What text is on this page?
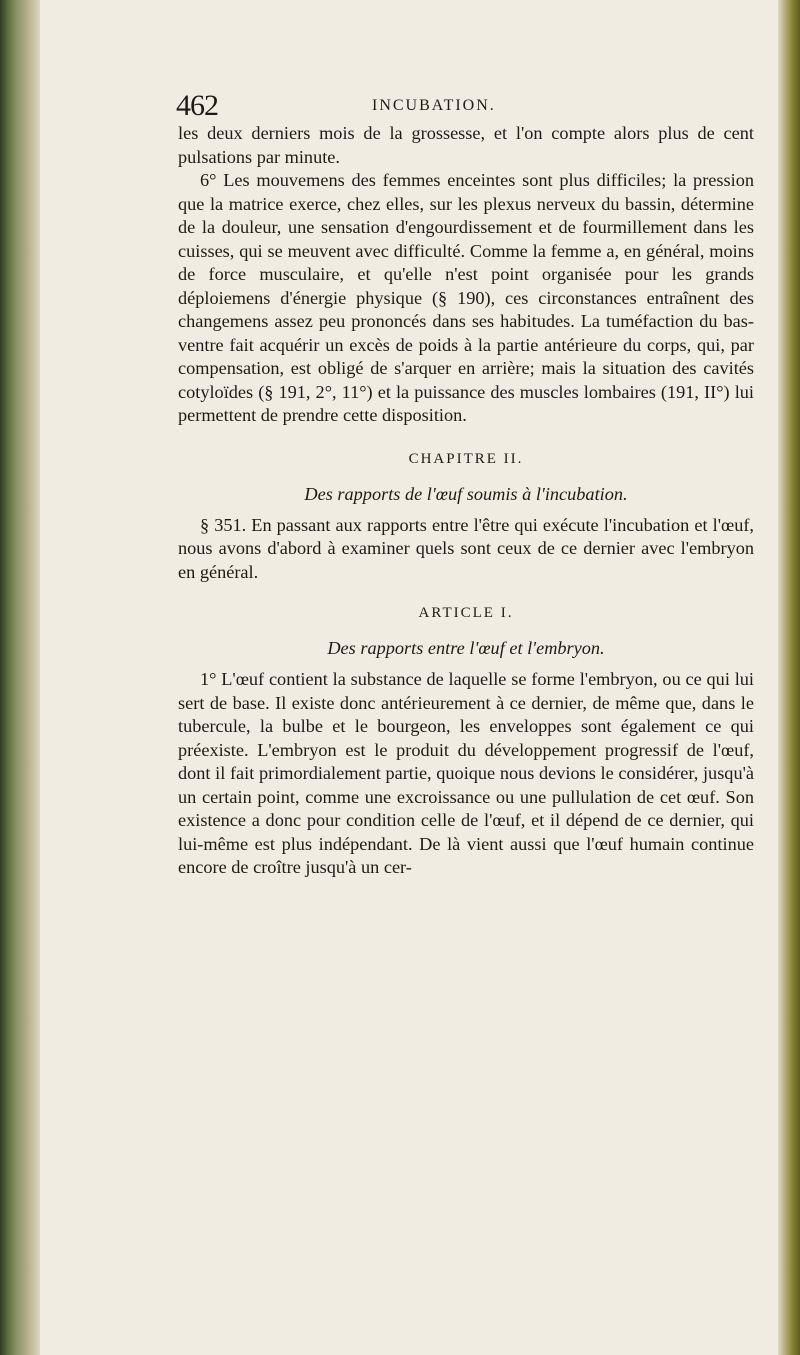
462	INCUBATION.

les deux derniers mois de la grossesse, et l'on compte alors plus de cent pulsations par minute.

6° Les mouvemens des femmes enceintes sont plus difficiles; la pression que la matrice exerce, chez elles, sur les plexus nerveux du bassin, détermine de la douleur, une sensation d'engourdissement et de fourmillement dans les cuisses, qui se meuvent avec difficulté. Comme la femme a, en général, moins de force musculaire, et qu'elle n'est point organisée pour les grands déploiemens d'énergie physique (§ 190), ces circonstances entraînent des changemens assez peu prononcés dans ses habitudes. La tuméfaction du bas-ventre fait acquérir un excès de poids à la partie antérieure du corps, qui, par compensation, est obligé de s'arquer en arrière; mais la situation des cavités cotyloïdes (§ 191, 2°, 11°) et la puissance des muscles lombaires (191, II°) lui permettent de prendre cette disposition.

CHAPITRE II.

Des rapports de l'œuf soumis à l'incubation.

§ 351. En passant aux rapports entre l'être qui exécute l'incubation et l'œuf, nous avons d'abord à examiner quels sont ceux de ce dernier avec l'embryon en général.

ARTICLE I.

Des rapports entre l'œuf et l'embryon.

1° L'œuf contient la substance de laquelle se forme l'embryon, ou ce qui lui sert de base. Il existe donc antérieurement à ce dernier, de même que, dans le tubercule, la bulbe et le bourgeon, les enveloppes sont également ce qui préexiste. L'embryon est le produit du développement progressif de l'œuf, dont il fait primordialement partie, quoique nous devions le considérer, jusqu'à un certain point, comme une excroissance ou une pullulation de cet œuf. Son existence a donc pour condition celle de l'œuf, et il dépend de ce dernier, qui lui-même est plus indépendant. De là vient aussi que l'œuf humain continue encore de croître jusqu'à un cer-
